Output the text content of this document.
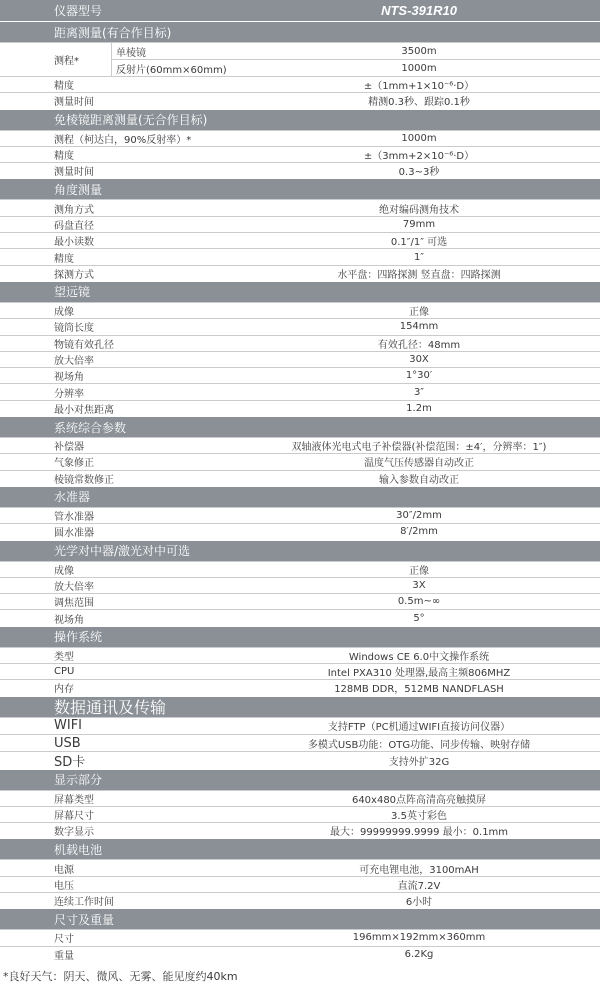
仪器型号	NTS-391R10
距离测量(有合作目标)
测程*
单棱镜	3500m
反射片(60mm×60mm)	1000m
精度	±（1mm+1×10⁻⁶·D）
测量时间	精测0.3秒、跟踪0.1秒
免棱镜距离测量(无合作目标)
测程（柯达白，90%反射率）*	1000m
精度	±（3mm+2×10⁻⁶·D）
测量时间	0.3~3秒
角度测量
测角方式	绝对编码测角技术
码盘直径	79mm
最小读数	0.1″/1″ 可选
精度	1″
探测方式	水平盘：四路探测 竖直盘：四路探测
望远镜
成像	正像
镜筒长度	154mm
物镜有效孔径	有效孔径：48mm
放大倍率	30X
视场角	1°30′
分辨率	3″
最小对焦距离	1.2m
系统综合参数
补偿器	双轴液体光电式电子补偿器(补偿范围：±4′，分辨率：1″)
气象修正	温度气压传感器自动改正
棱镜常数修正	输入参数自动改正
水准器
管水准器	30″/2mm
圆水准器	8′/2mm
光学对中器/激光对中可选
成像	正像
放大倍率	3X
调焦范围	0.5m~∞
视场角	5°
操作系统
类型	Windows CE 6.0中文操作系统
CPU	Intel PXA310 处理器,最高主频806MHZ
内存	128MB DDR，512MB NANDFLASH
数据通讯及传输
WIFI	支持FTP（PC机通过WIFI直接访问仪器）
USB	多模式USB功能：OTG功能、同步传输、映射存储
SD卡	支持外扩32G
显示部分
屏幕类型	640x480点阵高清高亮触摸屏
屏幕尺寸	3.5英寸彩色
数字显示	最大：99999999.9999 最小：0.1mm
机载电池
电源	可充电锂电池，3100mAH
电压	直流7.2V
连续工作时间	6小时
尺寸及重量
尺寸	196mm×192mm×360mm
重量	6.2Kg
*良好天气：阴天、微风、无雾、能见度约40km
